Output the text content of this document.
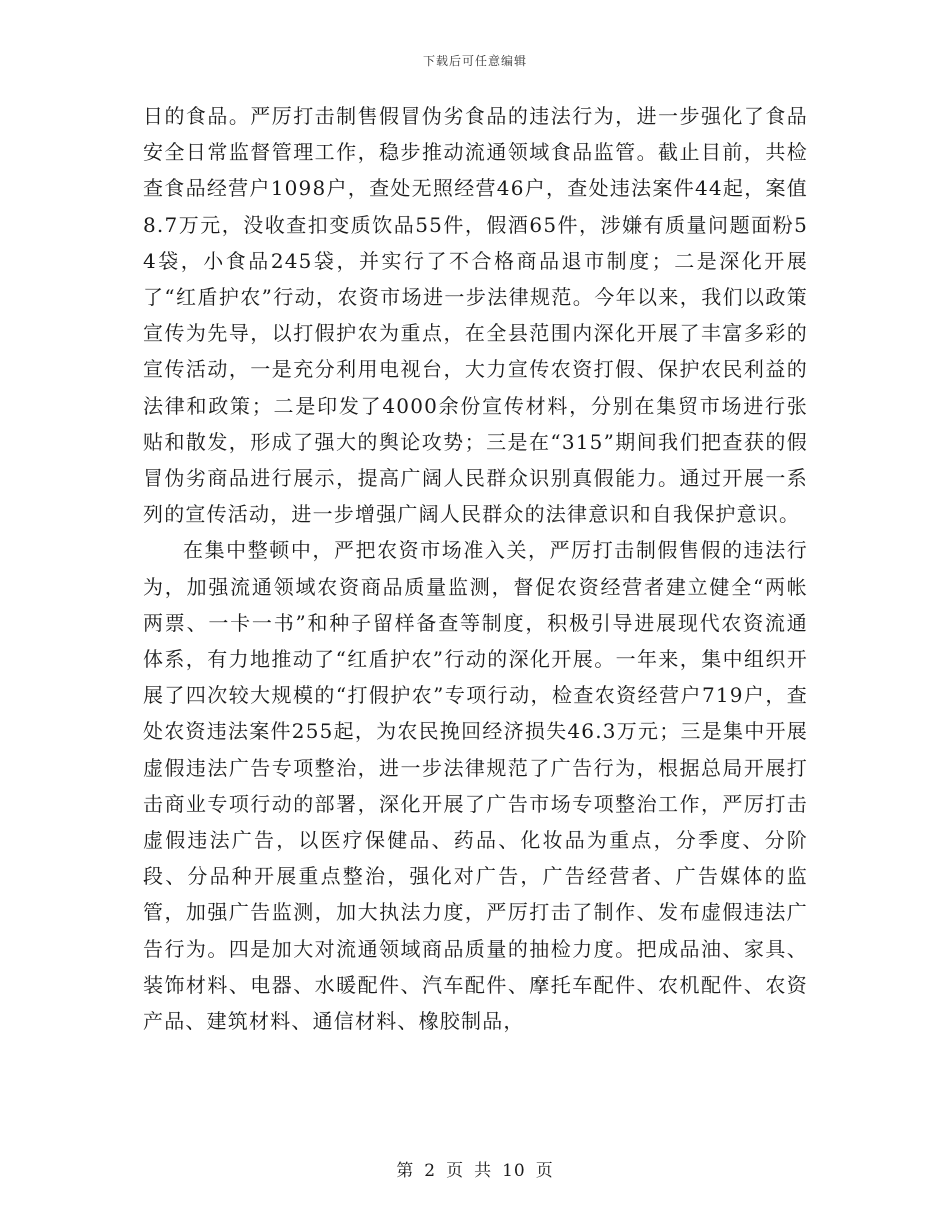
下载后可任意编辑

日的食品。严厉打击制售假冒伪劣食品的违法行为，进一步强化了食品安全日常监督管理工作，稳步推动流通领域食品监管。截止目前，共检查食品经营户1098户，查处无照经营46户，查处违法案件44起，案值8.7万元，没收查扣变质饮品55件，假酒65件，涉嫌有质量问题面粉54袋，小食品245袋，并实行了不合格商品退市制度；二是深化开展了“红盾护农”行动，农资市场进一步法律规范。今年以来，我们以政策宣传为先导，以打假护农为重点，在全县范围内深化开展了丰富多彩的宣传活动，一是充分利用电视台，大力宣传农资打假、保护农民利益的法律和政策；二是印发了4000余份宣传材料，分别在集贸市场进行张贴和散发，形成了强大的舆论攻势；三是在“315”期间我们把查获的假冒伪劣商品进行展示，提高广阔人民群众识别真假能力。通过开展一系列的宣传活动，进一步增强广阔人民群众的法律意识和自我保护意识。

在集中整顿中，严把农资市场准入关，严厉打击制假售假的违法行为，加强流通领域农资商品质量监测，督促农资经营者建立健全“两帐两票、一卡一书”和种子留样备查等制度，积极引导进展现代农资流通体系，有力地推动了“红盾护农”行动的深化开展。一年来，集中组织开展了四次较大规模的“打假护农”专项行动，检查农资经营户719户，查处农资违法案件255起，为农民挽回经济损失46.3万元；三是集中开展虚假违法广告专项整治，进一步法律规范了广告行为，根据总局开展打击商业专项行动的部署，深化开展了广告市场专项整治工作，严厉打击虚假违法广告，以医疗保健品、药品、化妆品为重点，分季度、分阶段、分品种开展重点整治，强化对广告，广告经营者、广告媒体的监管，加强广告监测，加大执法力度，严厉打击了制作、发布虚假违法广告行为。四是加大对流通领域商品质量的抽检力度。把成品油、家具、装饰材料、电器、水暖配件、汽车配件、摩托车配件、农机配件、农资产品、建筑材料、通信材料、橡胶制品，

第 2 页 共 10 页
